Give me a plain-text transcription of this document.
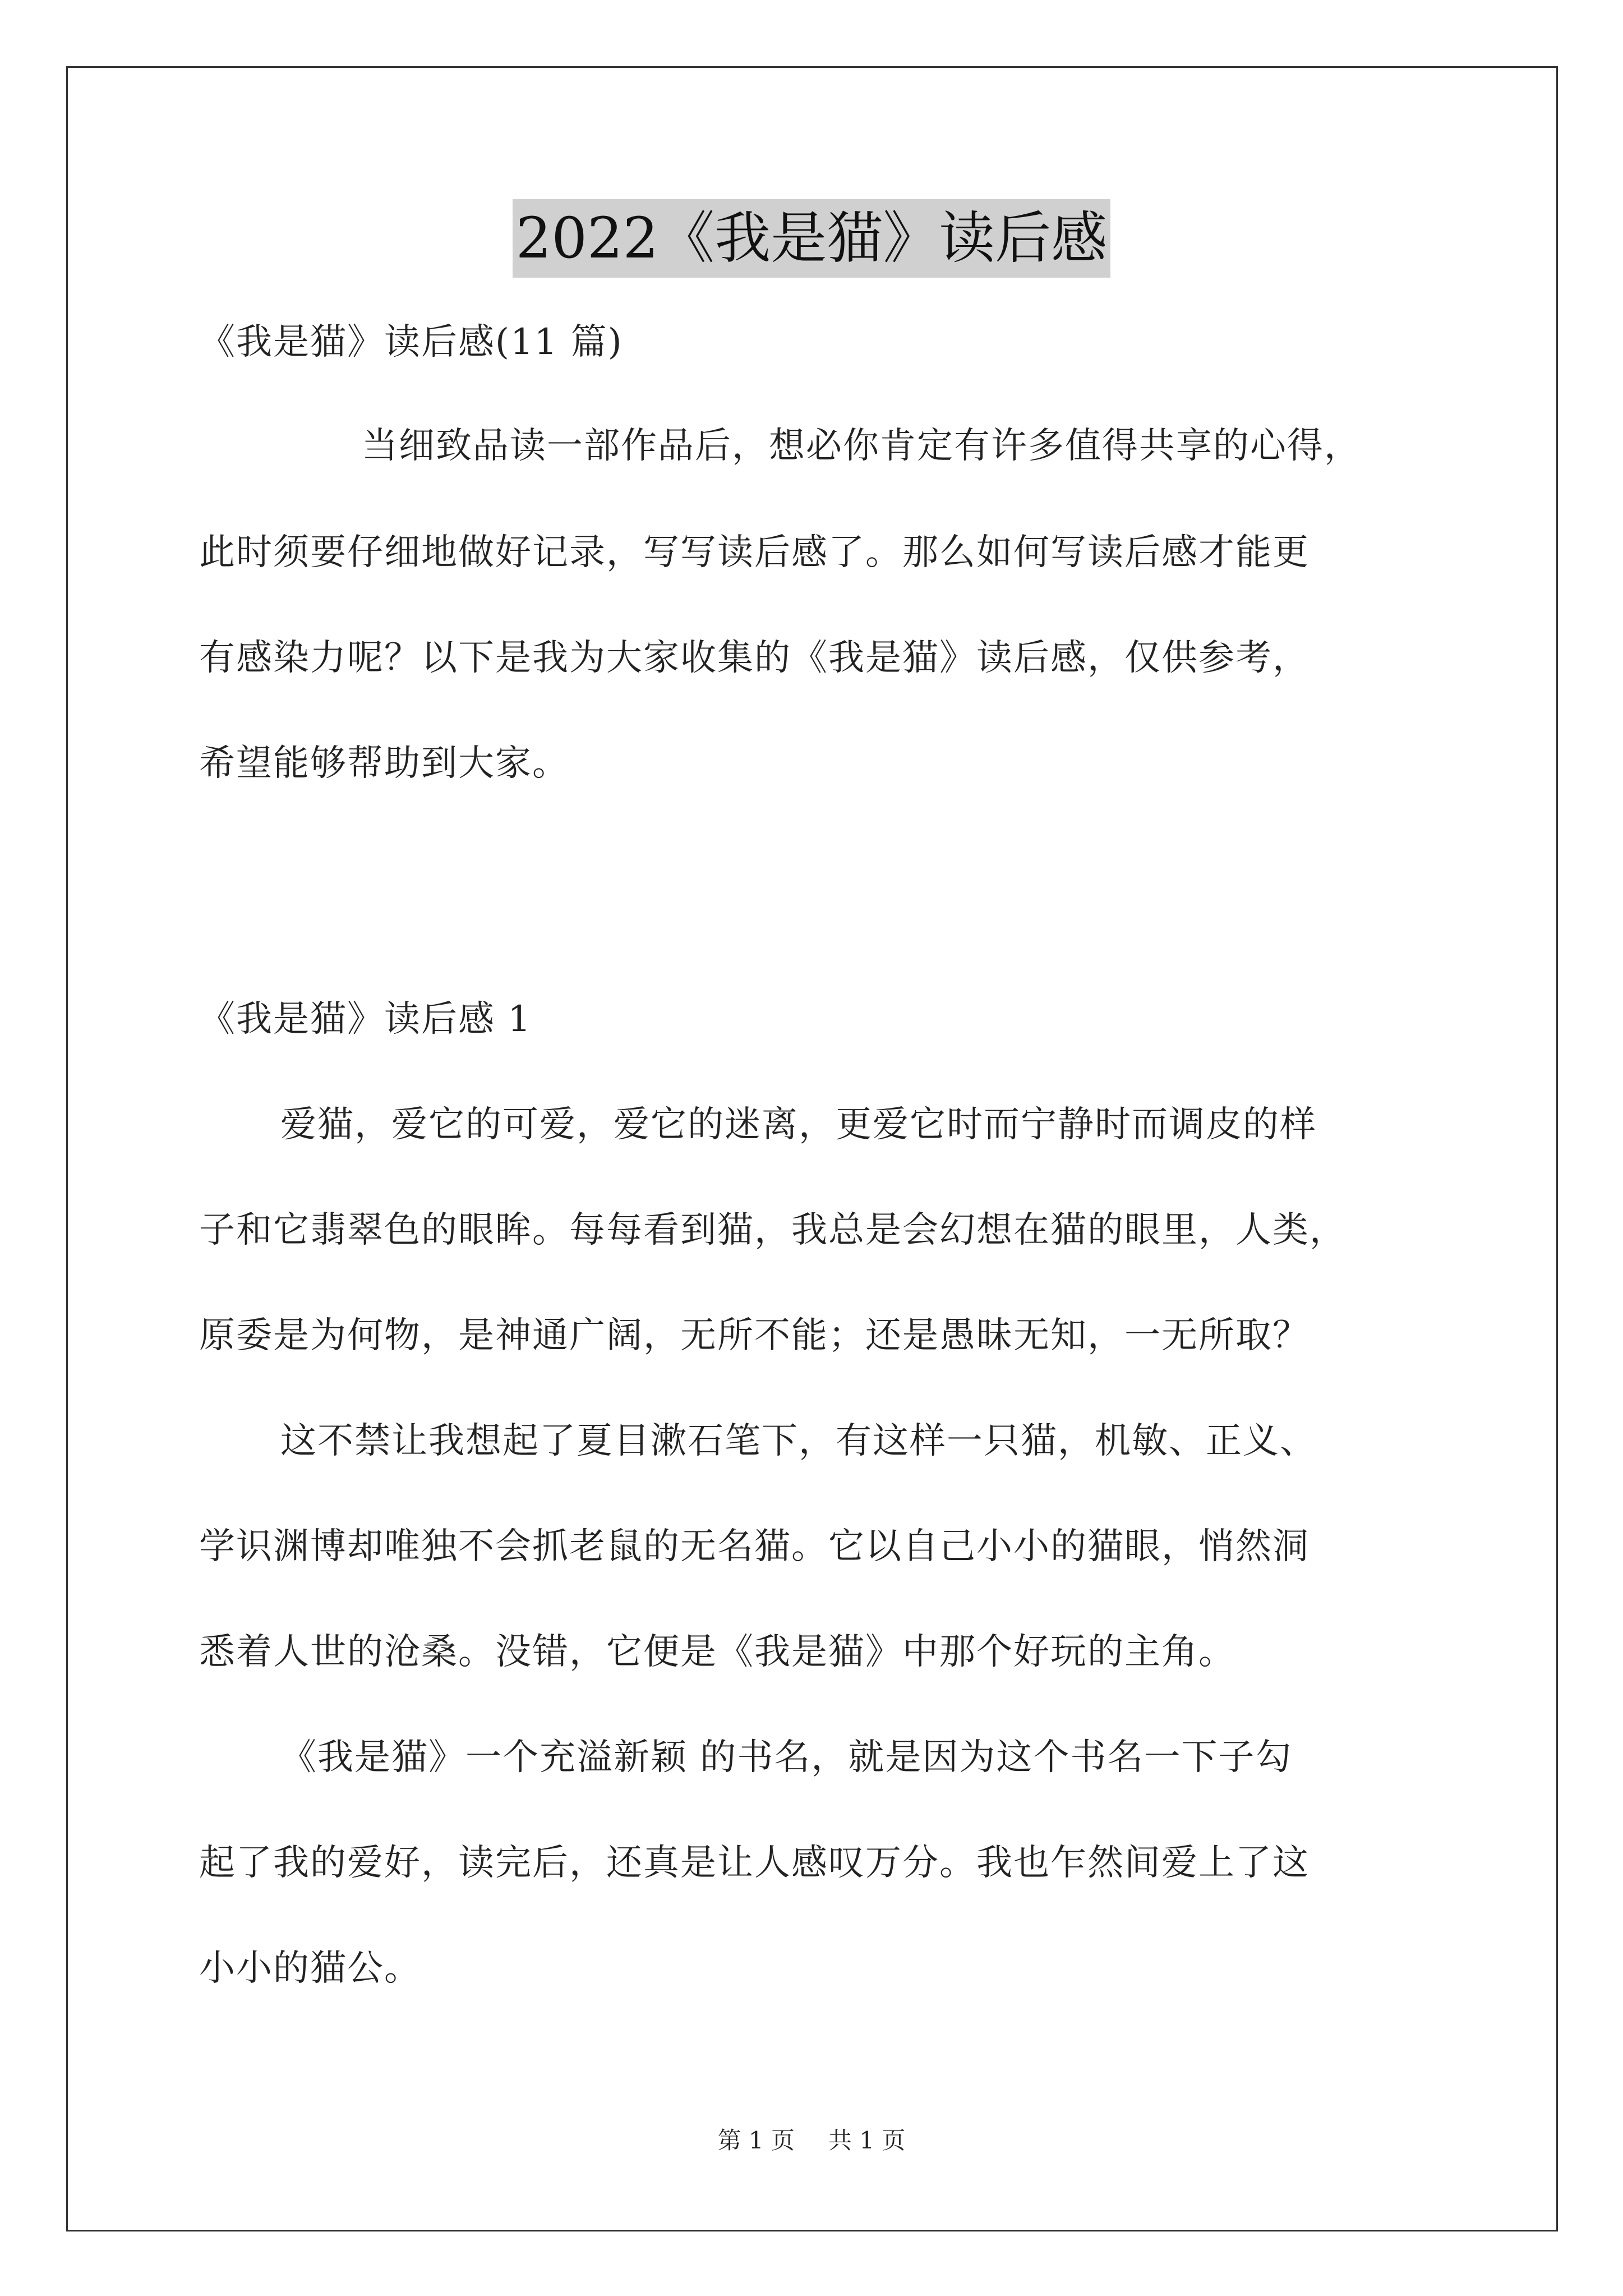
2022《我是猫》读后感
《我是猫》读后感(11 篇)
当细致品读一部作品后，想必你肯定有许多值得共享的心得，
此时须要仔细地做好记录，写写读后感了。那么如何写读后感才能更
有感染力呢？以下是我为大家收集的《我是猫》读后感，仅供参考，
希望能够帮助到大家。
《我是猫》读后感 1
爱猫，爱它的可爱，爱它的迷离，更爱它时而宁静时而调皮的样
子和它翡翠色的眼眸。每每看到猫，我总是会幻想在猫的眼里，人类，
原委是为何物，是神通广阔，无所不能；还是愚昧无知，一无所取？
这不禁让我想起了夏目漱石笔下，有这样一只猫，机敏、正义、
学识渊博却唯独不会抓老鼠的无名猫。它以自己小小的猫眼，悄然洞
悉着人世的沧桑。没错，它便是《我是猫》中那个好玩的主角。
《我是猫》一个充溢新颖 的书名，就是因为这个书名一下子勾
起了我的爱好，读完后，还真是让人感叹万分。我也乍然间爱上了这
小小的猫公。
第 1 页 共 1 页
